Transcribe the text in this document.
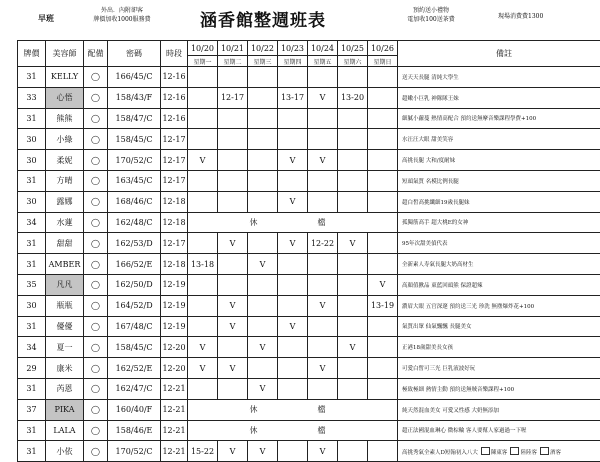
早班
外出．內附卻客
牌價加收1000服務費	涵香館整週班表
預約送小禮物
電加收100送茶費	現場消費費1300
牌價	美容師	配備	密碼	時段	10/20	10/21	10/22	10/23	10/24	10/25	10/26	備註
					星期一	星期二	星期三	星期四	星期五	星期六	星期日	
31	KELLY	◯	166/45/C	12-16								送天天長腿 清純大學生
33	心悟	◯	158/43/F	12-16		12-17		13-17	V	13-20		超嫩小巨乳 神隊隊王妹
31	熊熊	◯	158/47/C	12-16								細膩小蘿蔓 熱情高配合 預約送無摩音樂課程學費+100
30	小綠	◯	158/45/C	12-17								水汪汪大眼 甜美笑容
30	柔妮	◯	170/52/C	12-17	V			V	V			高挑長腿 大和/度耐妹
31	方晴	◯	163/45/C	12-17								短頭氣質 名模比例長腿
30	露娜	◯	168/46/C	12-18				V				超白皙高挑纖細19歲長腿妹
34	水蓮	◯	162/48/C	12-18	休 檔							孤獨筋高手 超大桃E的女神
31	甜甜	◯	162/53/D	12-17		V		V	12-22	V		95年次甜美偵代表
31	AMBER	◯	166/52/E	12-18	13-18		V					全新素人寿氣長腿大奶高材生
35	凡凡	◯	162/50/D	12-19							V	高顏值揪品 東藍回頭熊 保證超辣
30	瓶瓶	◯	164/52/D	12-19		V			V		13-19	濃眉大眼 五官深邃 預約送三光 珍洗 無塵爆炸花+100
31	優優	◯	167/48/C	12-19		V		V				氣質出眾 仙氣飄飄 長腿美女
34	夏一	◯	158/45/C	12-20	V		V			V		正港18歲甜美長女孩
29	康米	◯	162/52/E	12-20	V	V			V			可愛白皙可三光 巨乳液波好玩
31	芮恩	◯	162/47/C	12-21			V					極致極細 熱情主動 預約送無賊音樂課程+100
37	PIKA	◯	160/40/F	12-21	休 檔							純天然混血美女 可愛又性感 大奶無添加
31	LALA	◯	158/46/E	12-21	休 檔							超正法國混血琳心 微棕輪 客人要幫人家過過一下喔
31	小依	◯	170/52/C	12-21	15-22	V	V		V			高挑秀氣全素人D短翰初入八大 陳東客 陸陸客 酒客
